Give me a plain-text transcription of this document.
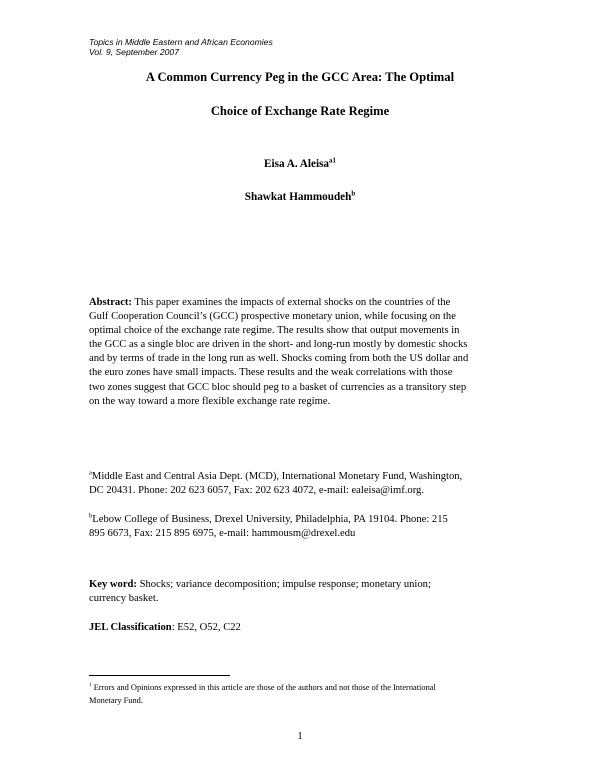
Topics in Middle Eastern and African Economies
Vol. 9, September 2007
A Common Currency Peg in the GCC Area: The Optimal
Choice of Exchange Rate Regime
Eisa A. Aleisa$^{a1}$
Shawkat Hammoudeh$^b$
Abstract: This paper examines the impacts of external shocks on the countries of the
Gulf Cooperation Council’s (GCC) prospective monetary union, while focusing on the
optimal choice of the exchange rate regime. The results show that output movements in
the GCC as a single bloc are driven in the short- and long-run mostly by domestic shocks
and by terms of trade in the long run as well. Shocks coming from both the US dollar and
the euro zones have small impacts. These results and the weak correlations with those
two zones suggest that GCC bloc should peg to a basket of currencies as a transitory step
on the way toward a more flexible exchange rate regime.
$^a$Middle East and Central Asia Dept. (MCD), International Monetary Fund, Washington,
DC 20431. Phone: 202 623 6057, Fax: 202 623 4072, e-mail: ealeisa@imf.org.
$^b$Lebow College of Business, Drexel University, Philadelphia, PA 19104. Phone: 215
895 6673, Fax: 215 895 6975, e-mail: hammousm@drexel.edu
Key word: Shocks; variance decomposition; impulse response; monetary union;
currency basket.
JEL Classification: E52, O52, C22
$^1$ Errors and Opinions expressed in this article are those of the authors and not those of the International
Monetary Fund.
1
